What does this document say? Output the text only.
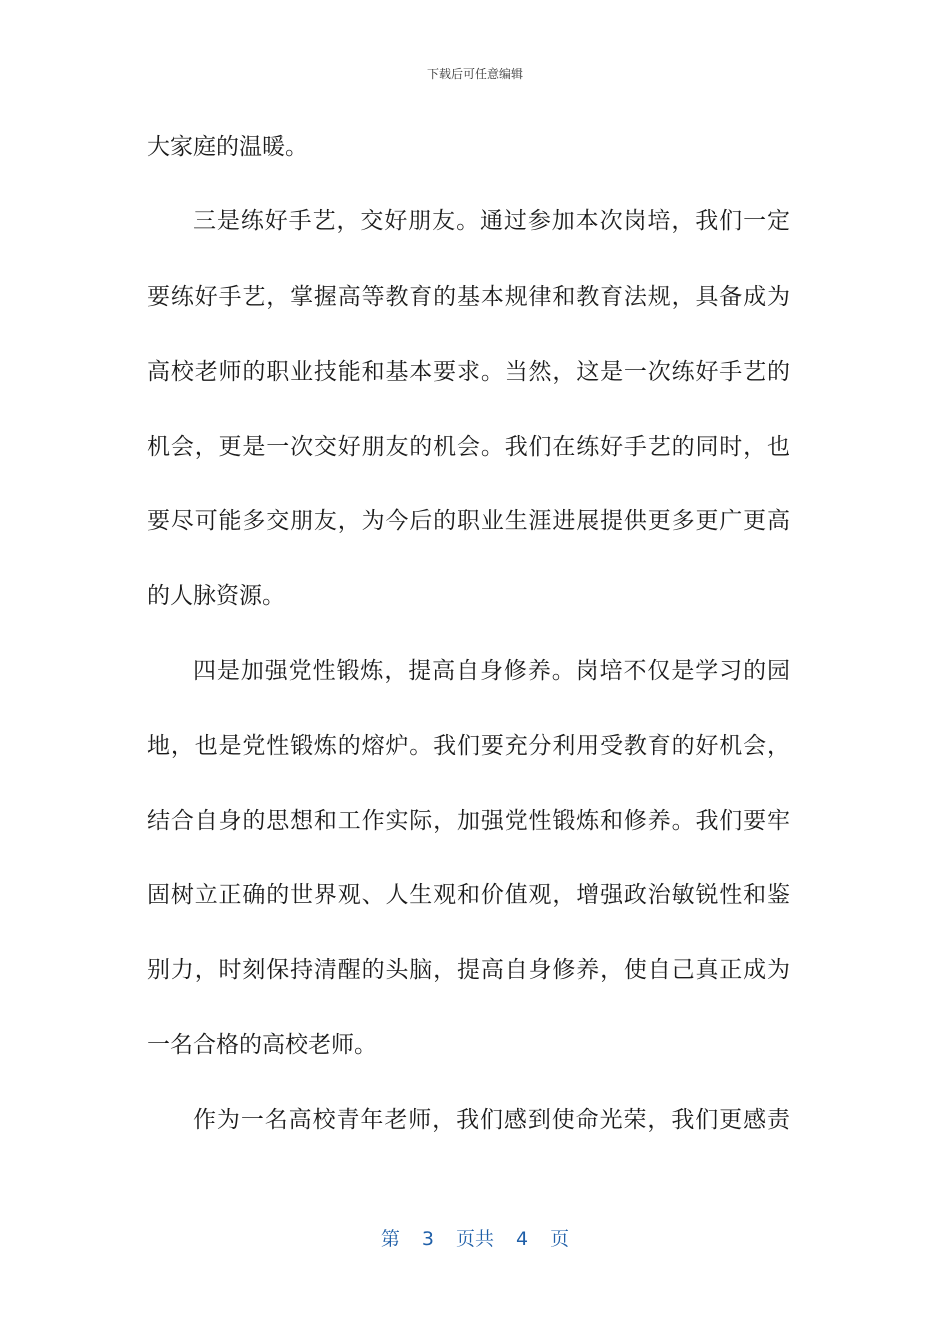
下载后可任意编辑
大家庭的温暖。
三是练好手艺，交好朋友。通过参加本次岗培，我们一定
要练好手艺，掌握高等教育的基本规律和教育法规，具备成为
高校老师的职业技能和基本要求。当然，这是一次练好手艺的
机会，更是一次交好朋友的机会。我们在练好手艺的同时，也
要尽可能多交朋友，为今后的职业生涯进展提供更多更广更高
的人脉资源。
四是加强党性锻炼，提高自身修养。岗培不仅是学习的园
地，也是党性锻炼的熔炉。我们要充分利用受教育的好机会，
结合自身的思想和工作实际，加强党性锻炼和修养。我们要牢
固树立正确的世界观、人生观和价值观，增强政治敏锐性和鉴
别力，时刻保持清醒的头脑，提高自身修养，使自己真正成为
一名合格的高校老师。
作为一名高校青年老师，我们感到使命光荣，我们更感责
第 3 页共 4 页
